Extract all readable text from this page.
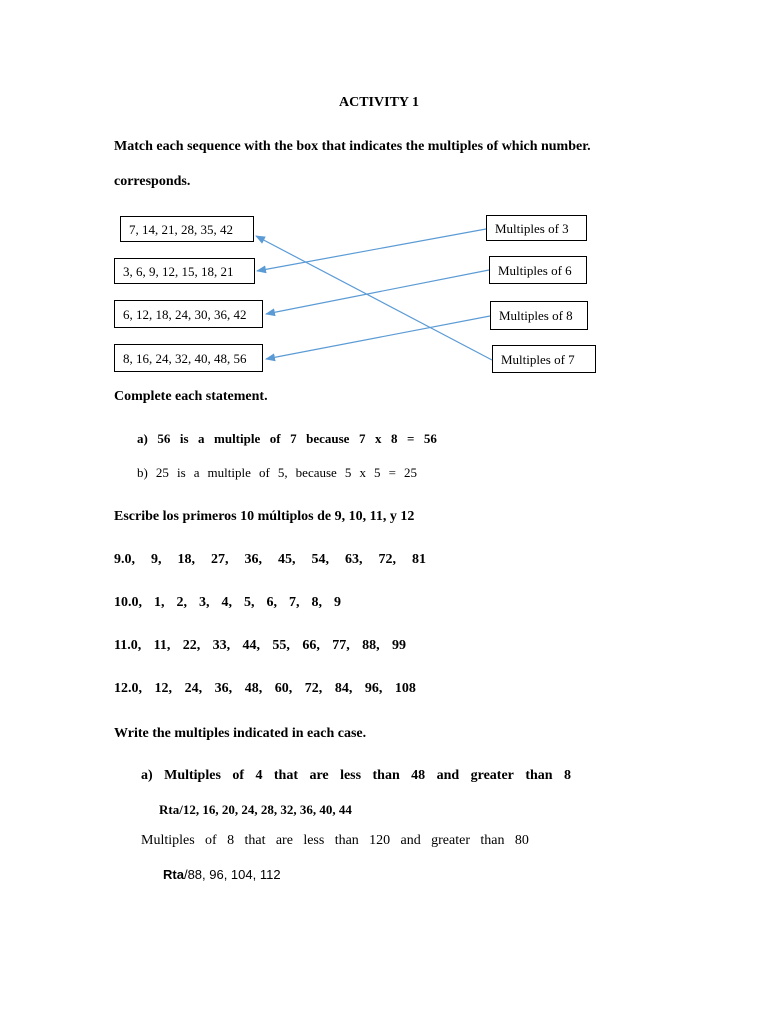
ACTIVITY 1
Match each sequence with the box that indicates the multiples of which number.
corresponds.
7, 14, 21, 28, 35, 42
3, 6, 9, 12, 15, 18, 21
6, 12, 18, 24, 30, 36, 42
8, 16, 24, 32, 40, 48, 56
Multiples of 3
Multiples of 6
Multiples of 8
Multiples of 7
Complete each statement.
a) 56 is a multiple of 7 because 7 x 8 = 56
b) 25 is a multiple of 5, because 5 x 5 = 25
Escribe los primeros 10 múltiplos de 9, 10, 11, y 12
9.0, 9, 18, 27, 36, 45, 54, 63, 72, 81
10.0, 1, 2, 3, 4, 5, 6, 7, 8, 9
11.0, 11, 22, 33, 44, 55, 66, 77, 88, 99
12.0, 12, 24, 36, 48, 60, 72, 84, 96, 108
Write the multiples indicated in each case.
a) Multiples of 4 that are less than 48 and greater than 8
Rta/12, 16, 20, 24, 28, 32, 36, 40, 44
Multiples of 8 that are less than 120 and greater than 80
Rta/88, 96, 104, 112
